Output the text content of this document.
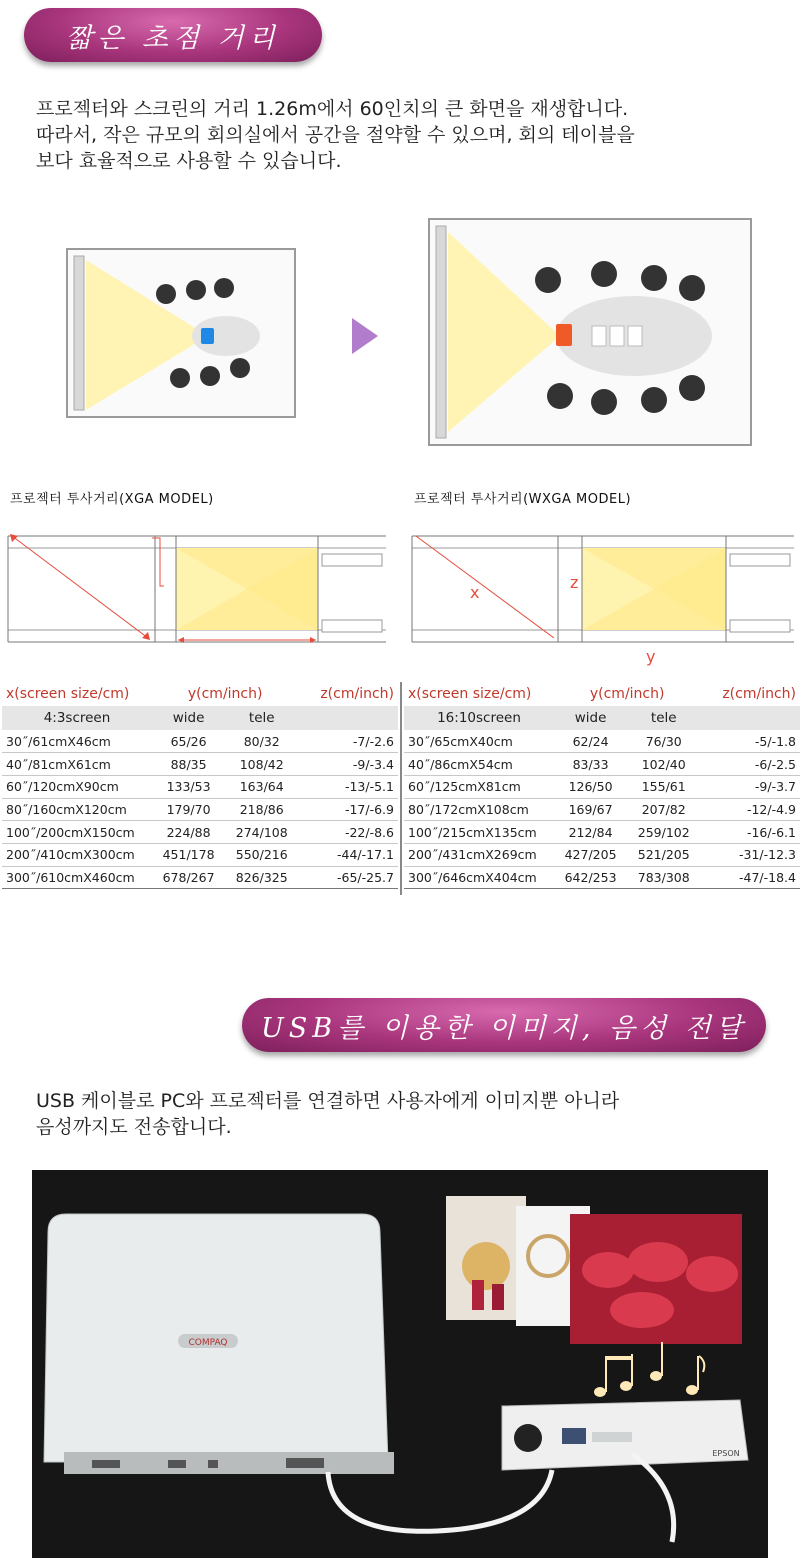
짧은 초점 거리
프로젝터와 스크린의 거리 1.26m에서 60인치의 큰 화면을 재생합니다.
따라서, 작은 규모의 회의실에서 공간을 절약할 수 있으며, 회의 테이블을
보다 효율적으로 사용할 수 있습니다.
프로젝터 투사거리(XGA MODEL)	프로젝터 투사거리(WXGA MODEL)
x
z
y
x(screen size/cm)	y(cm/inch)		z(cm/inch)
4:3screen	wide	tele	
30˝/61cmX46cm	65/26	80/32	-7/-2.6
40˝/81cmX61cm	88/35	108/42	-9/-3.4
60˝/120cmX90cm	133/53	163/64	-13/-5.1
80˝/160cmX120cm	179/70	218/86	-17/-6.9
100˝/200cmX150cm	224/88	274/108	-22/-8.6
200˝/410cmX300cm	451/178	550/216	-44/-17.1
300˝/610cmX460cm	678/267	826/325	-65/-25.7
x(screen size/cm)	y(cm/inch)		z(cm/inch)
16:10screen	wide	tele	
30˝/65cmX40cm	62/24	76/30	-5/-1.8
40˝/86cmX54cm	83/33	102/40	-6/-2.5
60˝/125cmX81cm	126/50	155/61	-9/-3.7
80˝/172cmX108cm	169/67	207/82	-12/-4.9
100˝/215cmX135cm	212/84	259/102	-16/-6.1
200˝/431cmX269cm	427/205	521/205	-31/-12.3
300˝/646cmX404cm	642/253	783/308	-47/-18.4
USB를 이용한 이미지, 음성 전달
USB 케이블로 PC와 프로젝터를 연결하면 사용자에게 이미지뿐 아니라
음성까지도 전송합니다.
COMPAQ
EPSON
